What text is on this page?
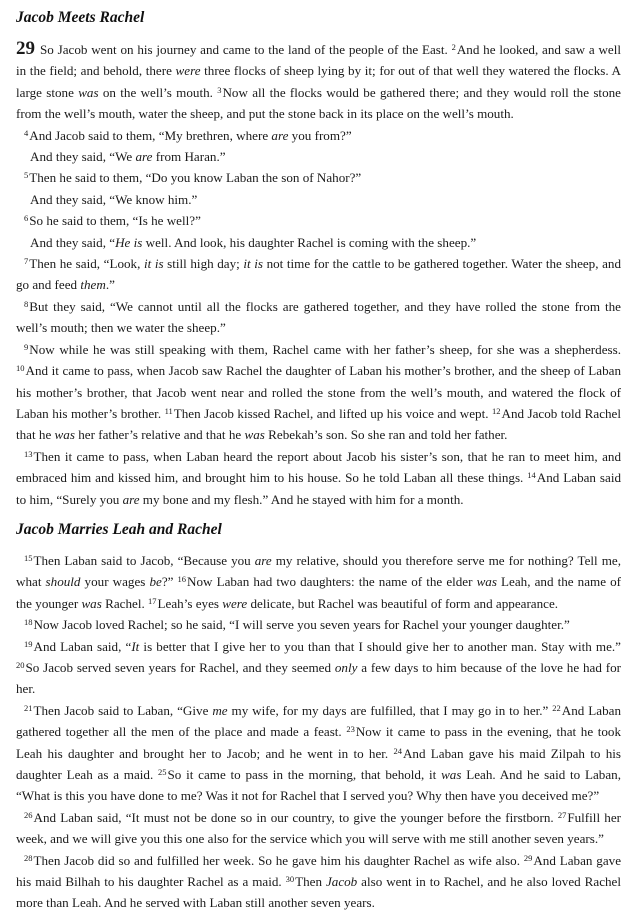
Jacob Meets Rachel

29 So Jacob went on his journey and came to the land of the people of the East. $^2$And he looked, and saw a well in the field; and behold, there were three flocks of sheep lying by it; for out of that well they watered the flocks. A large stone was on the well’s mouth. $^3$Now all the flocks would be gathered there; and they would roll the stone from the well’s mouth, water the sheep, and put the stone back in its place on the well’s mouth.

$^4$And Jacob said to them, “My brethren, where are you from?”

And they said, “We are from Haran.”

$^5$Then he said to them, “Do you know Laban the son of Nahor?”

And they said, “We know him.”

$^6$So he said to them, “Is he well?”

And they said, “He is well. And look, his daughter Rachel is coming with the sheep.”

$^7$Then he said, “Look, it is still high day; it is not time for the cattle to be gathered together. Water the sheep, and go and feed them.”

$^8$But they said, “We cannot until all the flocks are gathered together, and they have rolled the stone from the well’s mouth; then we water the sheep.”

$^9$Now while he was still speaking with them, Rachel came with her father’s sheep, for she was a shepherdess. $^{10}$And it came to pass, when Jacob saw Rachel the daughter of Laban his mother’s brother, and the sheep of Laban his mother’s brother, that Jacob went near and rolled the stone from the well’s mouth, and watered the flock of Laban his mother’s brother. $^{11}$Then Jacob kissed Rachel, and lifted up his voice and wept. $^{12}$And Jacob told Rachel that he was her father’s relative and that he was Rebekah’s son. So she ran and told her father.

$^{13}$Then it came to pass, when Laban heard the report about Jacob his sister’s son, that he ran to meet him, and embraced him and kissed him, and brought him to his house. So he told Laban all these things. $^{14}$And Laban said to him, “Surely you are my bone and my flesh.” And he stayed with him for a month.

Jacob Marries Leah and Rachel

$^{15}$Then Laban said to Jacob, “Because you are my relative, should you therefore serve me for nothing? Tell me, what should your wages be?” $^{16}$Now Laban had two daughters: the name of the elder was Leah, and the name of the younger was Rachel. $^{17}$Leah’s eyes were delicate, but Rachel was beautiful of form and appearance.

$^{18}$Now Jacob loved Rachel; so he said, “I will serve you seven years for Rachel your younger daughter.”

$^{19}$And Laban said, “It is better that I give her to you than that I should give her to another man. Stay with me.” $^{20}$So Jacob served seven years for Rachel, and they seemed only a few days to him because of the love he had for her.

$^{21}$Then Jacob said to Laban, “Give me my wife, for my days are fulfilled, that I may go in to her.” $^{22}$And Laban gathered together all the men of the place and made a feast. $^{23}$Now it came to pass in the evening, that he took Leah his daughter and brought her to Jacob; and he went in to her. $^{24}$And Laban gave his maid Zilpah to his daughter Leah as a maid. $^{25}$So it came to pass in the morning, that behold, it was Leah. And he said to Laban, “What is this you have done to me? Was it not for Rachel that I served you? Why then have you deceived me?”

$^{26}$And Laban said, “It must not be done so in our country, to give the younger before the firstborn. $^{27}$Fulfill her week, and we will give you this one also for the service which you will serve with me still another seven years.”

$^{28}$Then Jacob did so and fulfilled her week. So he gave him his daughter Rachel as wife also. $^{29}$And Laban gave his maid Bilhah to his daughter Rachel as a maid. $^{30}$Then Jacob also went in to Rachel, and he also loved Rachel more than Leah. And he served with Laban still another seven years.
